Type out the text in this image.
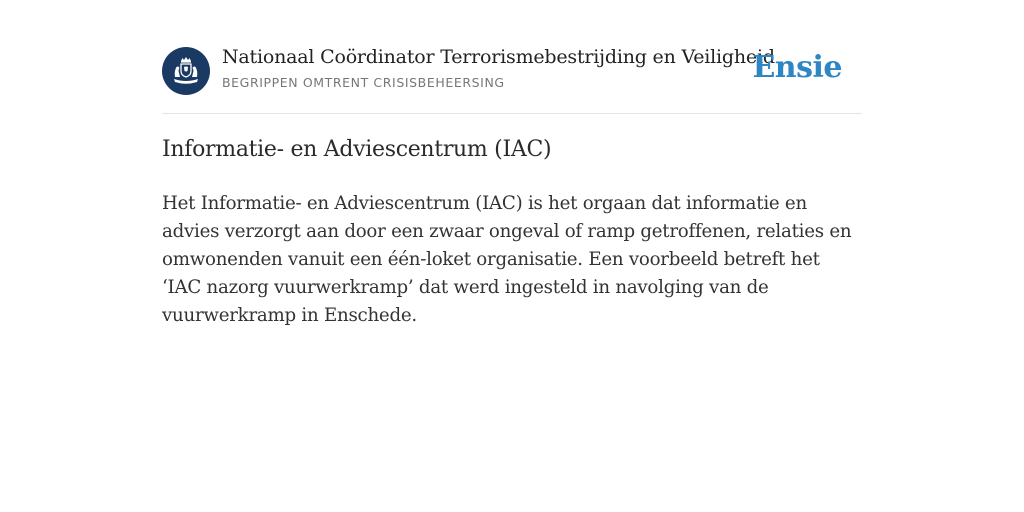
Nationaal Coördinator Terrorismebestrijding en Veiligheid
BEGRIPPEN OMTRENT CRISISBEHEERSING	Ensie
Informatie- en Adviescentrum (IAC)

Het Informatie- en Adviescentrum (IAC) is het orgaan dat informatie en advies verzorgt aan door een zwaar ongeval of ramp getroffenen, relaties en omwonenden vanuit een één-loket organisatie. Een voorbeeld betreft het ‘IAC nazorg vuurwerkramp’ dat werd ingesteld in navolging van de vuurwerkramp in Enschede.
